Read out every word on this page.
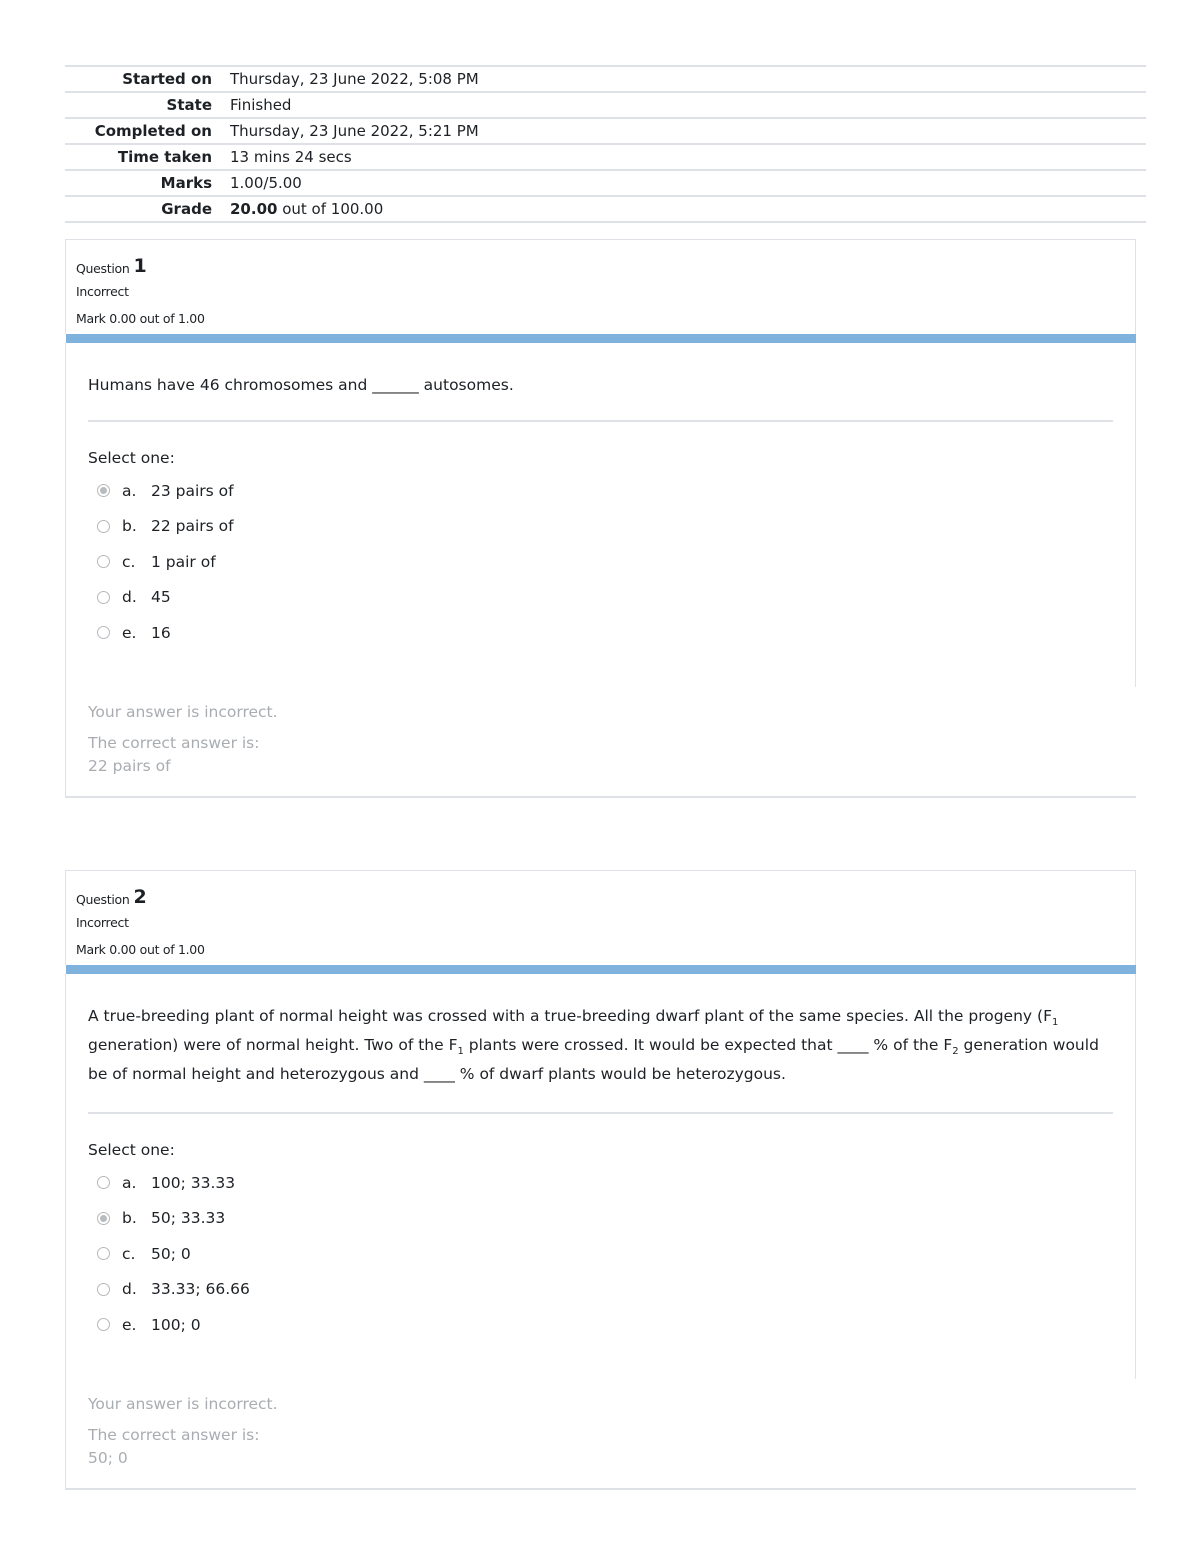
Started on	Thursday, 23 June 2022, 5:08 PM
State	Finished
Completed on	Thursday, 23 June 2022, 5:21 PM
Time taken	13 mins 24 secs
Marks	1.00/5.00
Grade	20.00 out of 100.00
Question 1
Incorrect
Mark 0.00 out of 1.00
Humans have 46 chromosomes and ______ autosomes.
Select one:
a. 23 pairs of
b. 22 pairs of
c.	1 pair of
d. 45
e. 16
Your answer is incorrect.
The correct answer is:
22 pairs of
Question 2
Incorrect
Mark 0.00 out of 1.00
A true-breeding plant of normal height was crossed with a true-breeding dwarf plant of the same species. All the progeny ($F_1$ generation) were of normal height. Two of the $F_1$ plants were crossed. It would be expected that ____ % of the $F_2$ generation would be of normal height and heterozygous and ____ % of dwarf plants would be heterozygous.
Select one:
a. 100; 33.33
b. 50; 33.33
c.	50; 0
d. 33.33; 66.66
e. 100; 0
Your answer is incorrect.
The correct answer is:
50; 0
